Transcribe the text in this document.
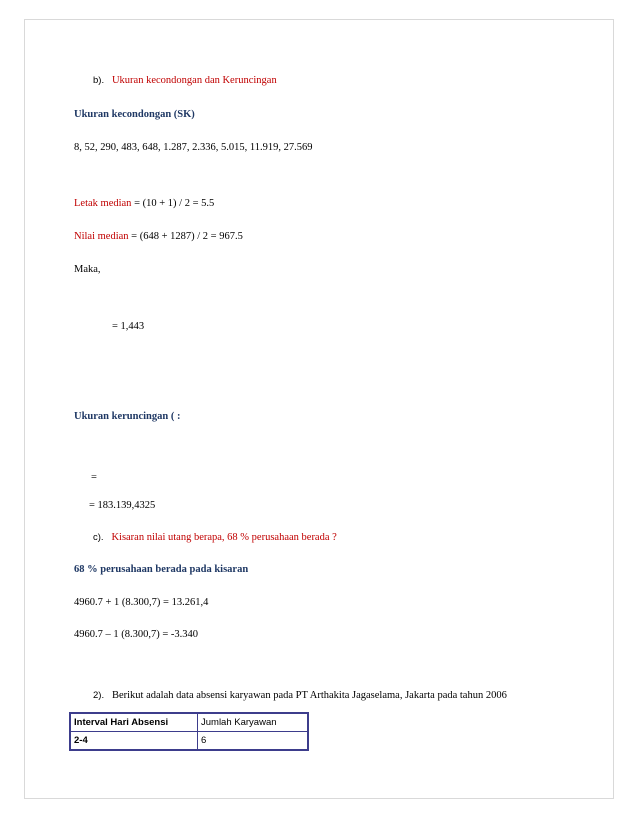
b). Ukuran kecondongan dan Keruncingan
Ukuran kecondongan (SK)
8, 52, 290, 483, 648, 1.287, 2.336, 5.015, 11.919, 27.569
Letak median = (10 + 1) / 2 = 5.5
Nilai median = (648 + 1287) / 2 = 967.5
Maka,
= 1,443
Ukuran keruncingan ( :
=
= 183.139,4325
c). Kisaran nilai utang berapa, 68 % perusahaan berada ?
68 % perusahaan berada pada kisaran
4960.7 + 1 (8.300,7) = 13.261,4
4960.7 – 1 (8.300,7) = -3.340
2). Berikut adalah data absensi karyawan pada PT Arthakita Jagaselama, Jakarta pada tahun 2006
Interval Hari Absensi	Jumlah Karyawan
2-4	6
